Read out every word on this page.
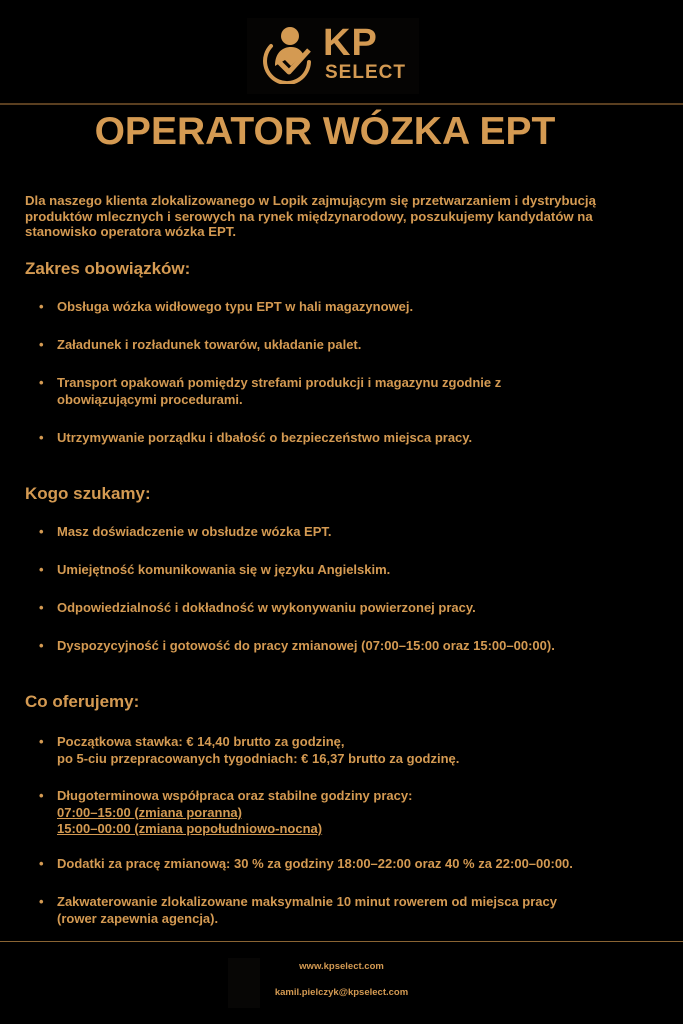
KP
SELECT
OPERATOR WÓZKA EPT
Dla naszego klienta zlokalizowanego w Lopik zajmującym się przetwarzaniem i dystrybucją produktów mlecznych i serowych na rynek międzynarodowy, poszukujemy kandydatów na stanowisko operatora wózka EPT.
Zakres obowiązków:
• Obsługa wózka widłowego typu EPT w hali magazynowej.
• Załadunek i rozładunek towarów, układanie palet.
• Transport opakowań pomiędzy strefami produkcji i magazynu zgodnie z
obowiązującymi procedurami.
• Utrzymywanie porządku i dbałość o bezpieczeństwo miejsca pracy.
Kogo szukamy:
• Masz doświadczenie w obsłudze wózka EPT.
• Umiejętność komunikowania się w języku Angielskim.
• Odpowiedzialność i dokładność w wykonywaniu powierzonej pracy.
• Dyspozycyjność i gotowość do pracy zmianowej (07:00–15:00 oraz 15:00–00:00).
Co oferujemy:
• Początkowa stawka: € 14,40 brutto za godzinę,
po 5-ciu przepracowanych tygodniach: € 16,37 brutto za godzinę.
• Długoterminowa współpraca oraz stabilne godziny pracy:
07:00–15:00 (zmiana poranna)
15:00–00:00 (zmiana popołudniowo-nocna)
• Dodatki za pracę zmianową: 30 % za godziny 18:00–22:00 oraz 40 % za 22:00–00:00.
• Zakwaterowanie zlokalizowane maksymalnie 10 minut rowerem od miejsca pracy
(rower zapewnia agencja).
www.kpselect.com
kamil.pielczyk@kpselect.com
